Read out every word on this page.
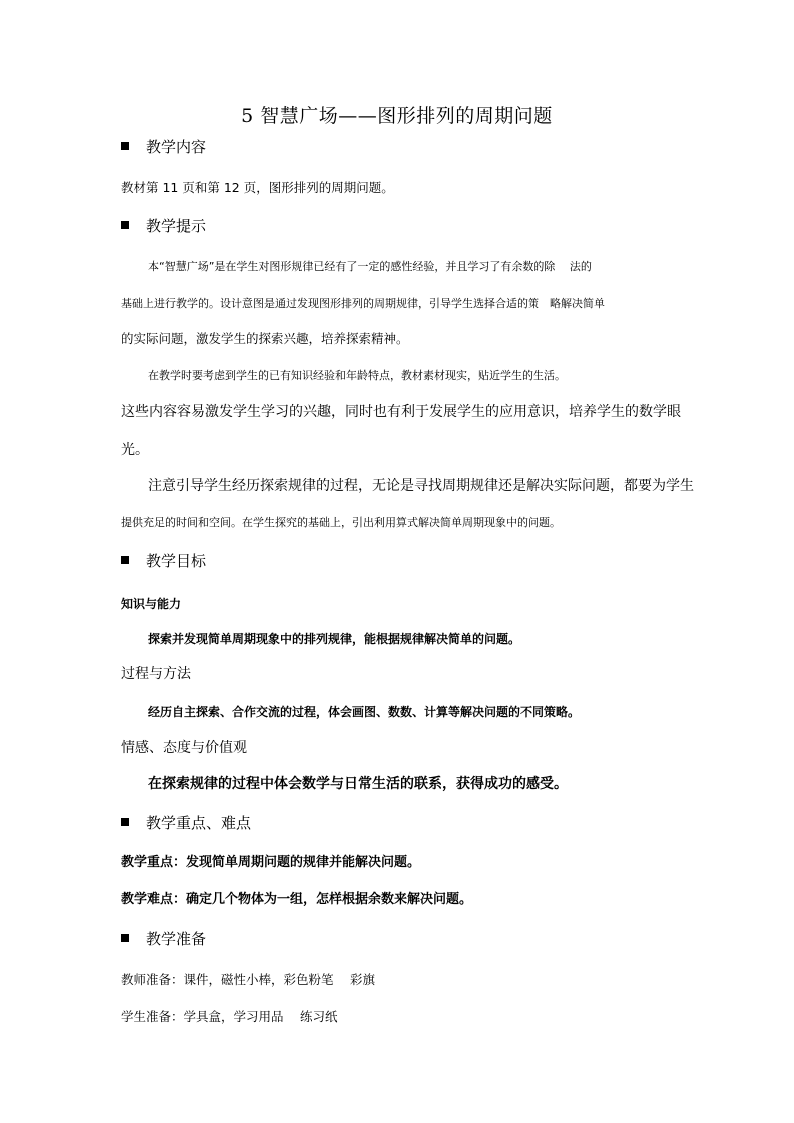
5 智慧广场——图形排列的周期问题
教学内容
教材第 11 页和第 12 页，图形排列的周期问题。
教学提示
本“智慧广场”是在学生对图形规律已经有了一定的感性经验，并且学习了有余数的除　 法的
基础上进行教学的。设计意图是通过发现图形排列的周期规律，引导学生选择合适的策　略解决简单
的实际问题，激发学生的探索兴趣，培养探索精神。
在教学时要考虑到学生的已有知识经验和年龄特点，教材素材现实，贴近学生的生活。
这些内容容易激发学生学习的兴趣，同时也有利于发展学生的应用意识，培养学生的数学眼
光。
注意引导学生经历探索规律的过程，无论是寻找周期规律还是解决实际问题，都要为学生
提供充足的时间和空间。在学生探究的基础上，引出利用算式解决简单周期现象中的问题。
教学目标
知识与能力
探索并发现简单周期现象中的排列规律，能根据规律解决简单的问题。
过程与方法
经历自主探索、合作交流的过程，体会画图、数数、计算等解决问题的不同策略。
情感、态度与价值观
在探索规律的过程中体会数学与日常生活的联系，获得成功的感受。
教学重点、难点
教学重点：发现简单周期问题的规律并能解决问题。
教学难点：确定几个物体为一组，怎样根据余数来解决问题。
教学准备
教师准备：课件，磁性小棒，彩色粉笔　 彩旗
学生准备：学具盒，学习用品　 练习纸
